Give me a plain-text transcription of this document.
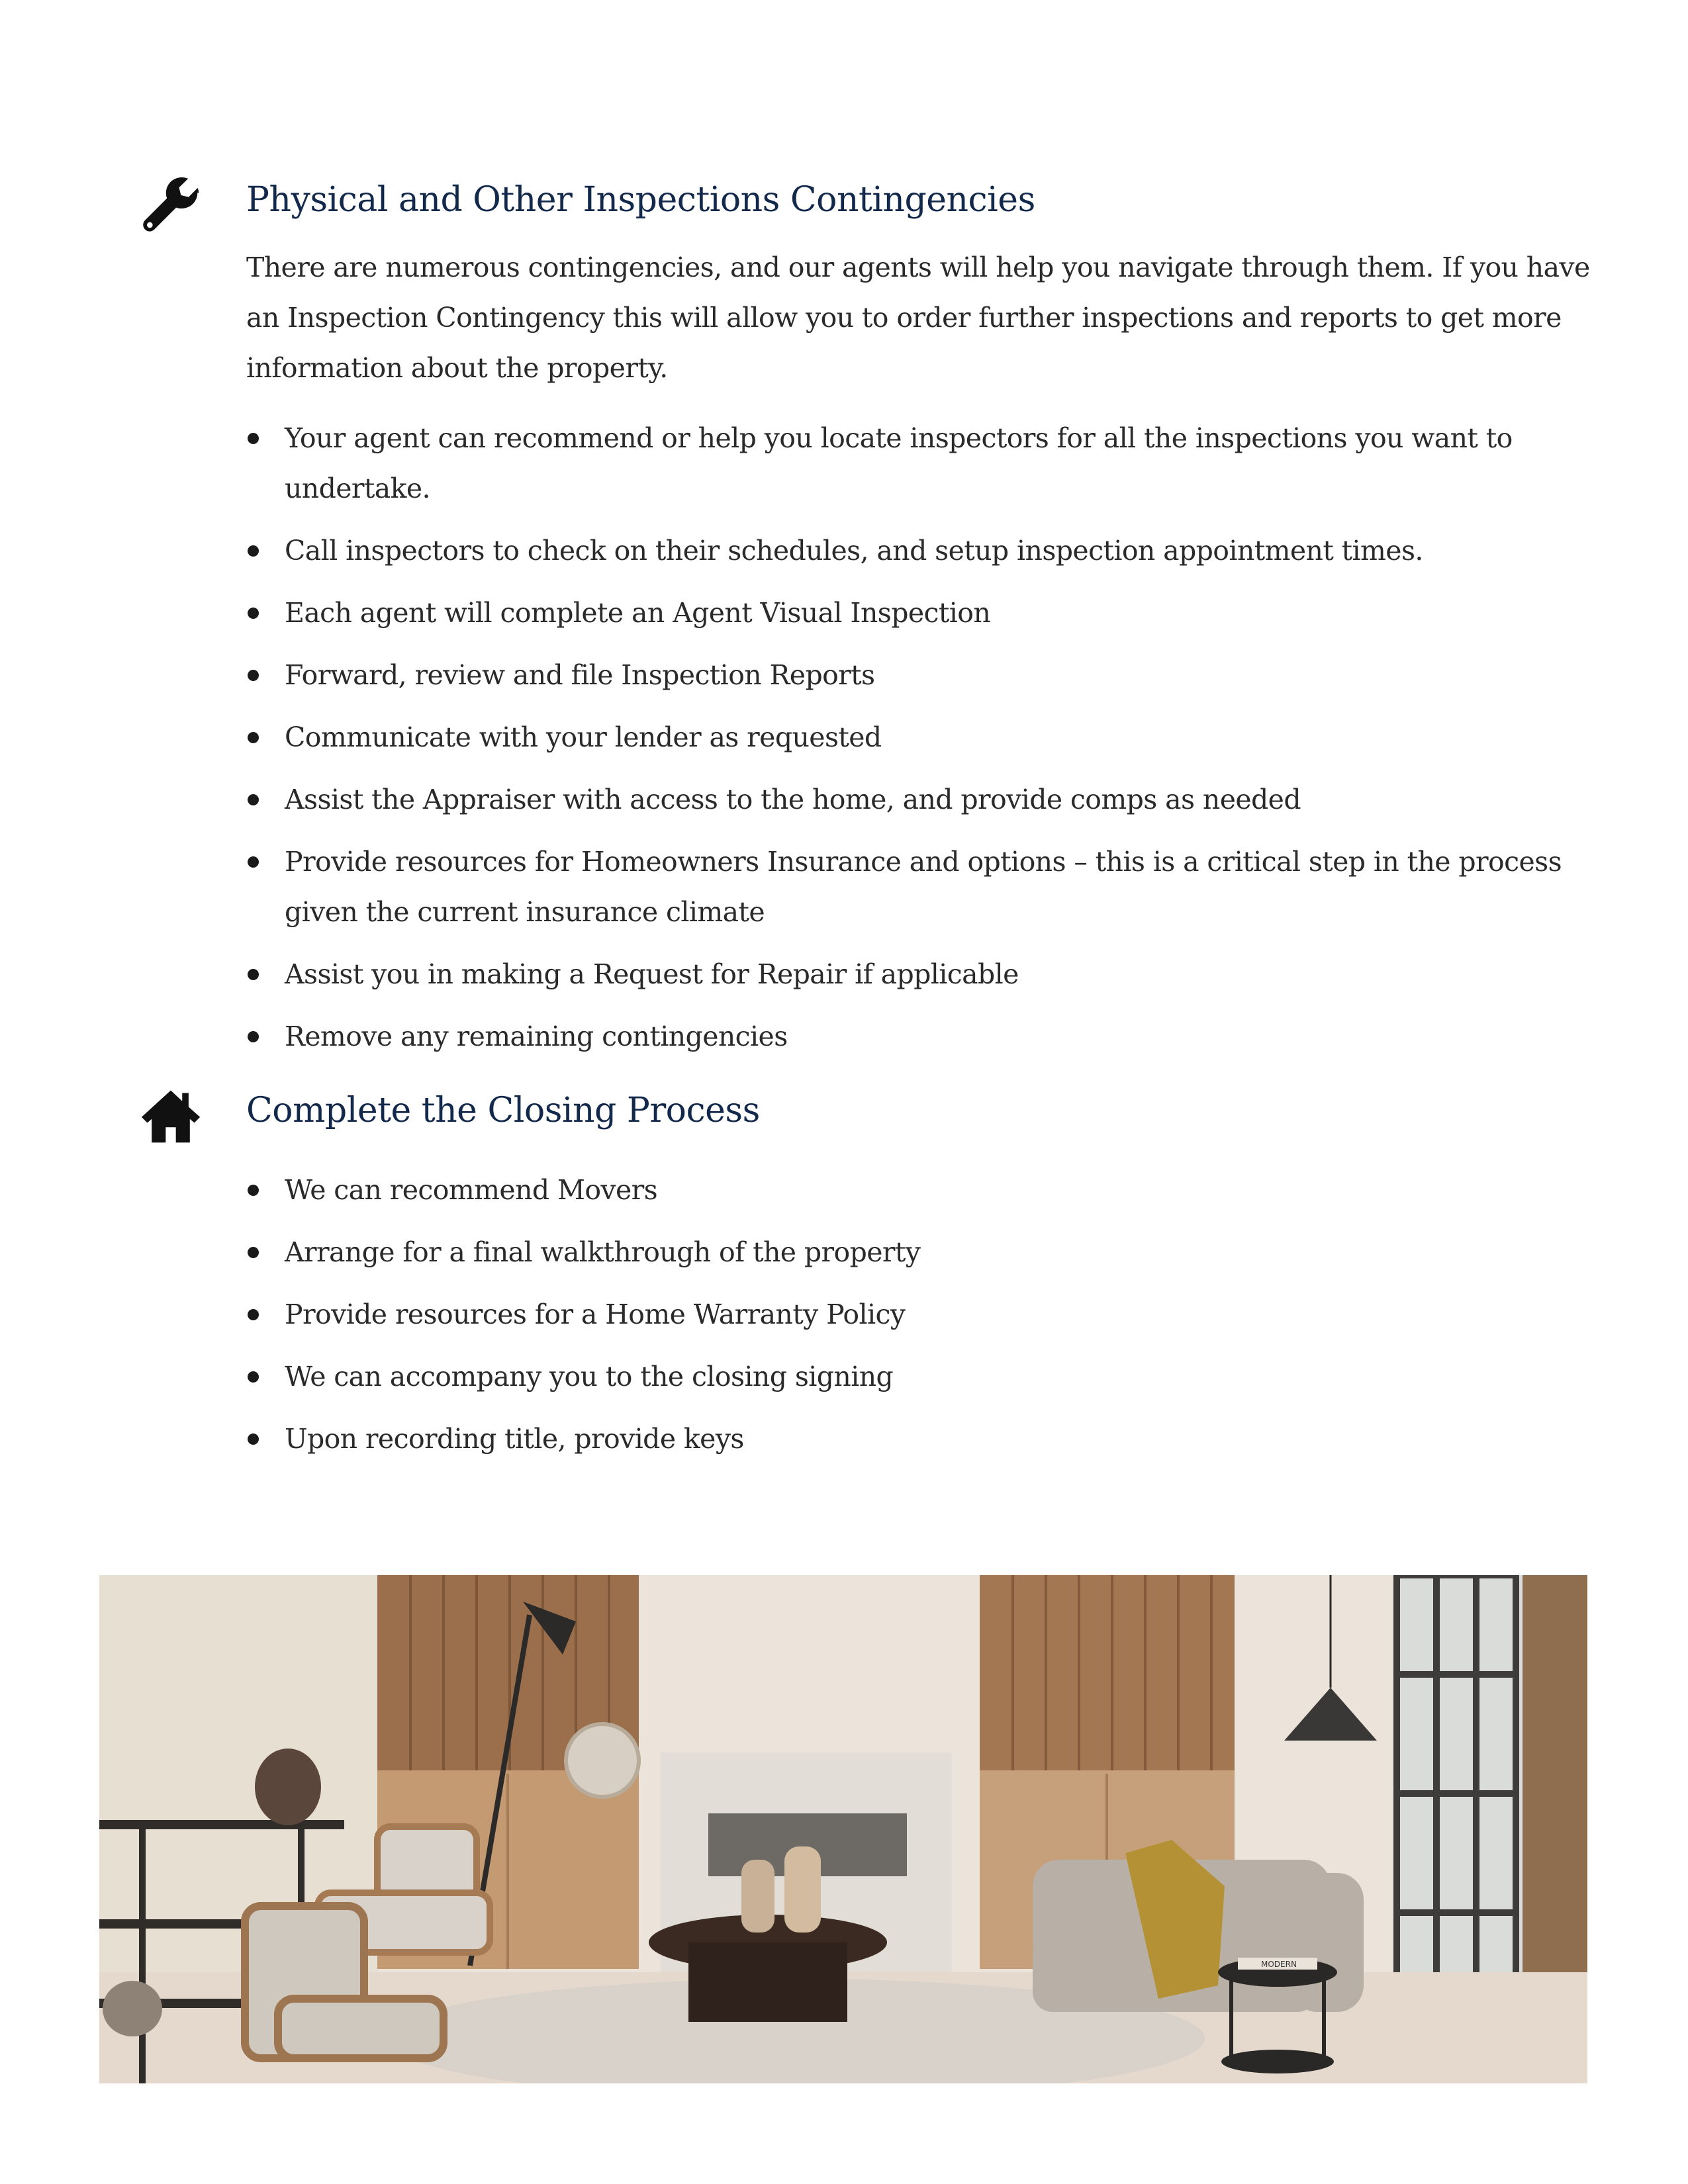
Physical and Other Inspections Contingencies

There are numerous contingencies, and our agents will help you navigate through them. If you have an Inspection Contingency this will allow you to order further inspections and reports to get more information about the property.

Your agent can recommend or help you locate inspectors for all the inspections you want to undertake.
Call inspectors to check on their schedules, and setup inspection appointment times.
Each agent will complete an Agent Visual Inspection
Forward, review and file Inspection Reports
Communicate with your lender as requested
Assist the Appraiser with access to the home, and provide comps as needed
Provide resources for Homeowners Insurance and options – this is a critical step in the process given the current insurance climate
Assist you in making a Request for Repair if applicable
Remove any remaining contingencies
Complete the Closing Process
We can recommend Movers
Arrange for a final walkthrough of the property
Provide resources for a Home Warranty Policy
We can accompany you to the closing signing
Upon recording title, provide keys
MODERN
